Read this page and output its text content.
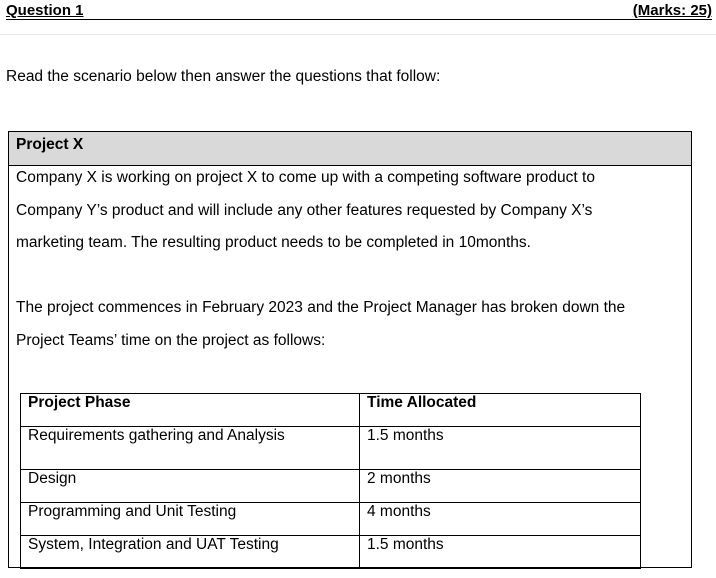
Question 1	(Marks: 25)
Read the scenario below then answer the questions that follow:
Project X
Company X is working on project X to come up with a competing software product to
Company Y’s product and will include any other features requested by Company X’s
marketing team. The resulting product needs to be completed in 10months.
The project commences in February 2023 and the Project Manager has broken down the
Project Teams’ time on the project as follows:
Project Phase	Time Allocated
Requirements gathering and Analysis	1.5 months
Design	2 months
Programming and Unit Testing	4 months
System, Integration and UAT Testing	1.5 months
